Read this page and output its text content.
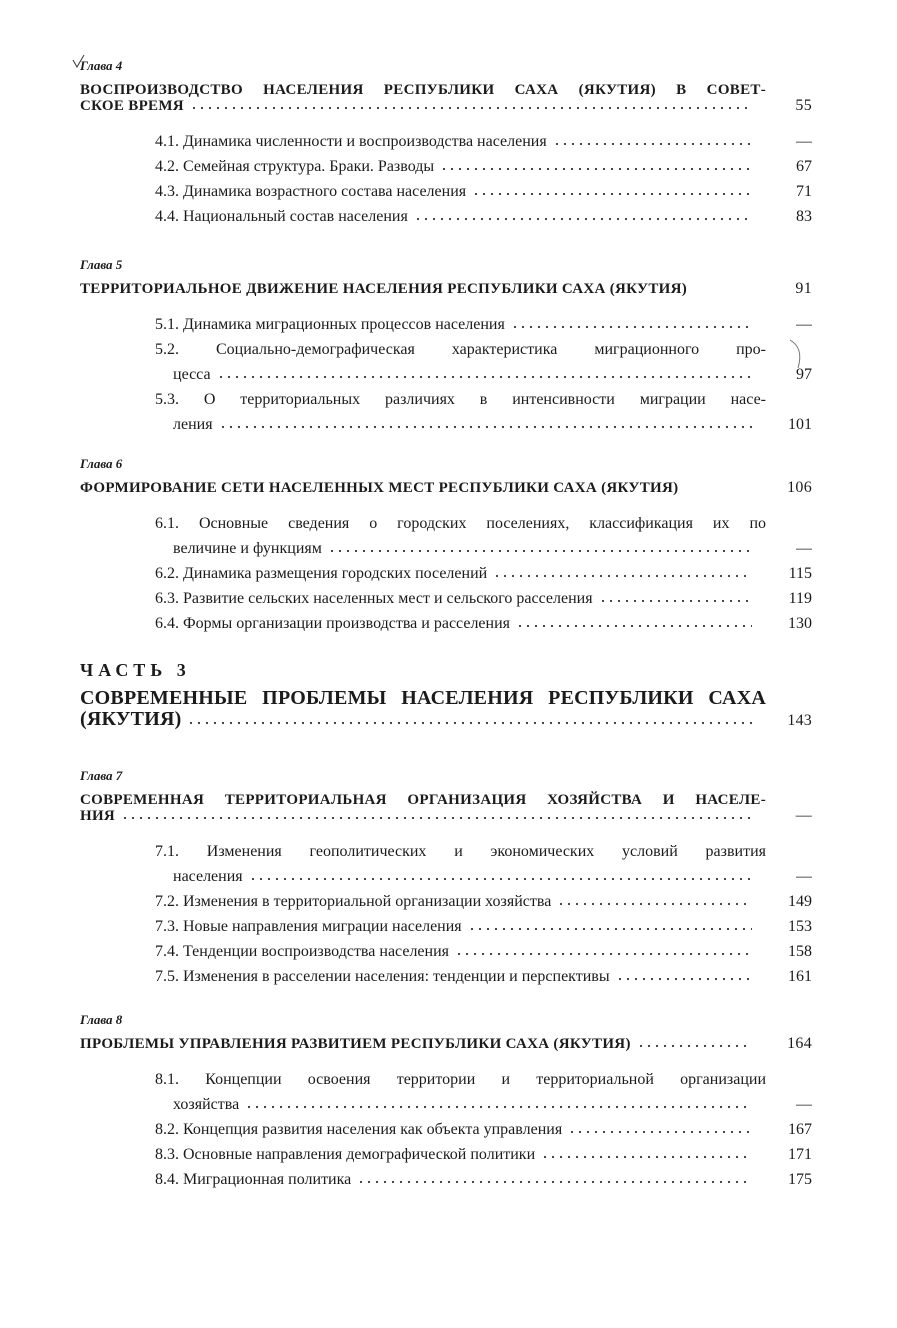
Глава 4
ВОСПРОИЗВОДСТВО НАСЕЛЕНИЯ РЕСПУБЛИКИ САХА (ЯКУТИЯ) В СОВЕТ-
СКОЕ ВРЕМЯ	55
4.1. Динамика численности и воспроизводства населения	—
4.2. Семейная структура. Браки. Разводы	67
4.3. Динамика возрастного состава населения	71
4.4. Национальный состав населения	83
Глава 5
ТЕРРИТОРИАЛЬНОЕ ДВИЖЕНИЕ НАСЕЛЕНИЯ РЕСПУБЛИКИ САХА (ЯКУТИЯ)	91
5.1. Динамика миграционных процессов населения	—
5.2. Социально-демографическая характеристика миграционного про-
цесса	97
5.3. О территориальных различиях в интенсивности миграции насе-
ления	101
Глава 6
ФОРМИРОВАНИЕ СЕТИ НАСЕЛЕННЫХ МЕСТ РЕСПУБЛИКИ САХА (ЯКУТИЯ)	106
6.1. Основные сведения о городских поселениях, классификация их по
величине и функциям	—
6.2. Динамика размещения городских поселений	115
6.3. Развитие сельских населенных мест и сельского расселения	119
6.4. Формы организации производства и расселения	130
ЧАСТЬ 3
СОВРЕМЕННЫЕ ПРОБЛЕМЫ НАСЕЛЕНИЯ РЕСПУБЛИКИ САХА
(ЯКУТИЯ)	143
Глава 7
СОВРЕМЕННАЯ ТЕРРИТОРИАЛЬНАЯ ОРГАНИЗАЦИЯ ХОЗЯЙСТВА И НАСЕЛЕ-
НИЯ	—
7.1. Изменения геополитических и экономических условий развития
населения	—
7.2. Изменения в территориальной организации хозяйства	149
7.3. Новые направления миграции населения	153
7.4. Тенденции воспроизводства населения	158
7.5. Изменения в расселении населения: тенденции и перспективы	161
Глава 8
ПРОБЛЕМЫ УПРАВЛЕНИЯ РАЗВИТИЕМ РЕСПУБЛИКИ САХА (ЯКУТИЯ)	164
8.1. Концепции освоения территории и территориальной организации
хозяйства	—
8.2. Концепция развития населения как объекта управления	167
8.3. Основные направления демографической политики	171
8.4. Миграционная политика	175
